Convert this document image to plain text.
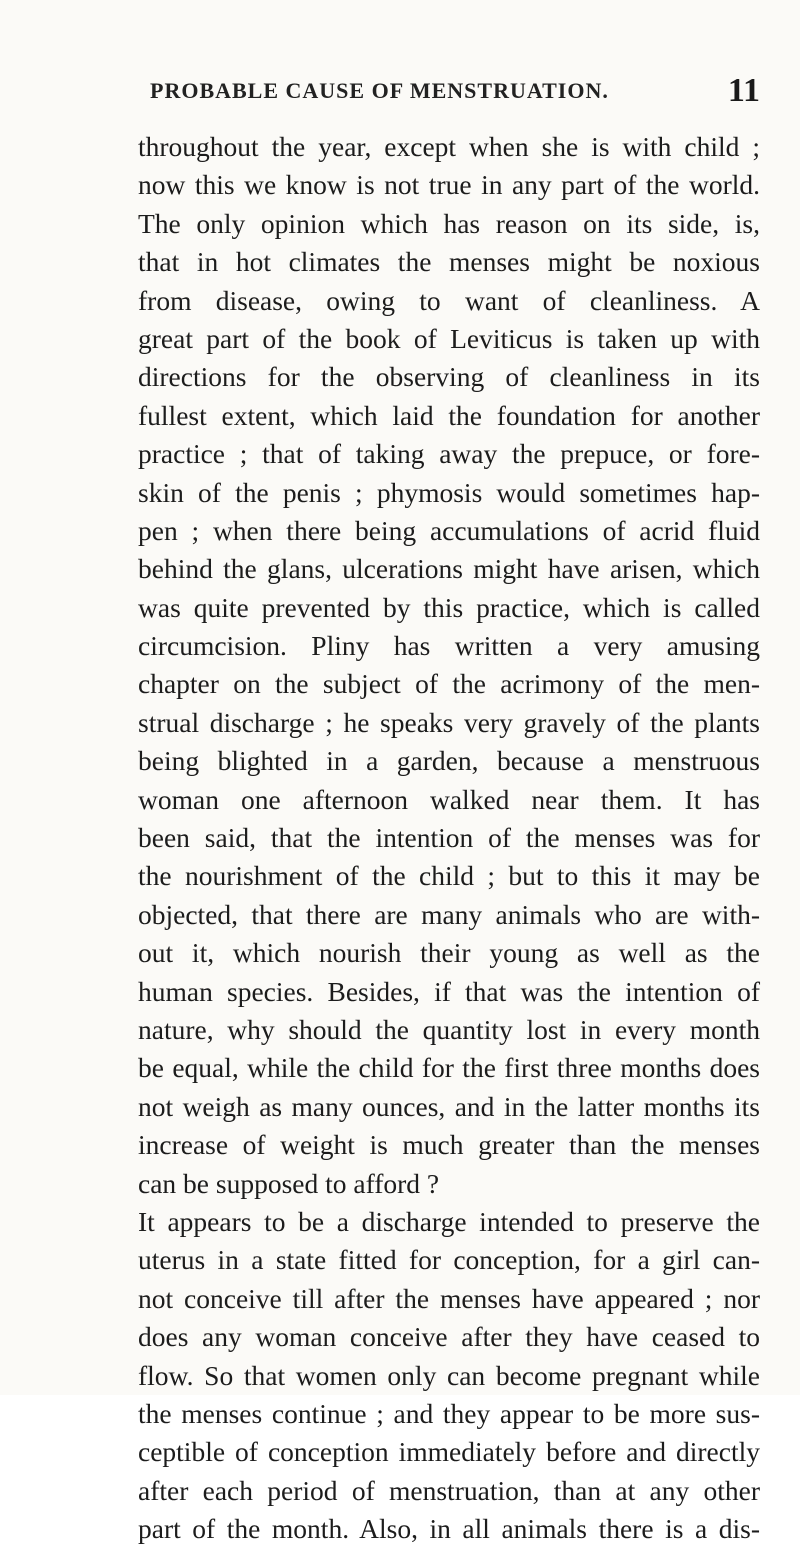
PROBABLE CAUSE OF MENSTRUATION.	11
throughout the year, except when she is with child ;
now this we know is not true in any part of the world.
The only opinion which has reason on its side, is,
that in hot climates the menses might be noxious
from disease, owing to want of cleanliness. A
great part of the book of Leviticus is taken up with
directions for the observing of cleanliness in its
fullest extent, which laid the foundation for another
practice ; that of taking away the prepuce, or fore-
skin of the penis ; phymosis would sometimes hap-
pen ; when there being accumulations of acrid fluid
behind the glans, ulcerations might have arisen, which
was quite prevented by this practice, which is called
circumcision. Pliny has written a very amusing
chapter on the subject of the acrimony of the men-
strual discharge ; he speaks very gravely of the plants
being blighted in a garden, because a menstruous
woman one afternoon walked near them. It has
been said, that the intention of the menses was for
the nourishment of the child ; but to this it may be
objected, that there are many animals who are with-
out it, which nourish their young as well as the
human species. Besides, if that was the intention of
nature, why should the quantity lost in every month
be equal, while the child for the first three months does
not weigh as many ounces, and in the latter months its
increase of weight is much greater than the menses
can be supposed to afford ?
It appears to be a discharge intended to preserve the
uterus in a state fitted for conception, for a girl can-
not conceive till after the menses have appeared ; nor
does any woman conceive after they have ceased to
flow. So that women only can become pregnant while
the menses continue ; and they appear to be more sus-
ceptible of conception immediately before and directly
after each period of menstruation, than at any other
part of the month. Also, in all animals there is a dis-
